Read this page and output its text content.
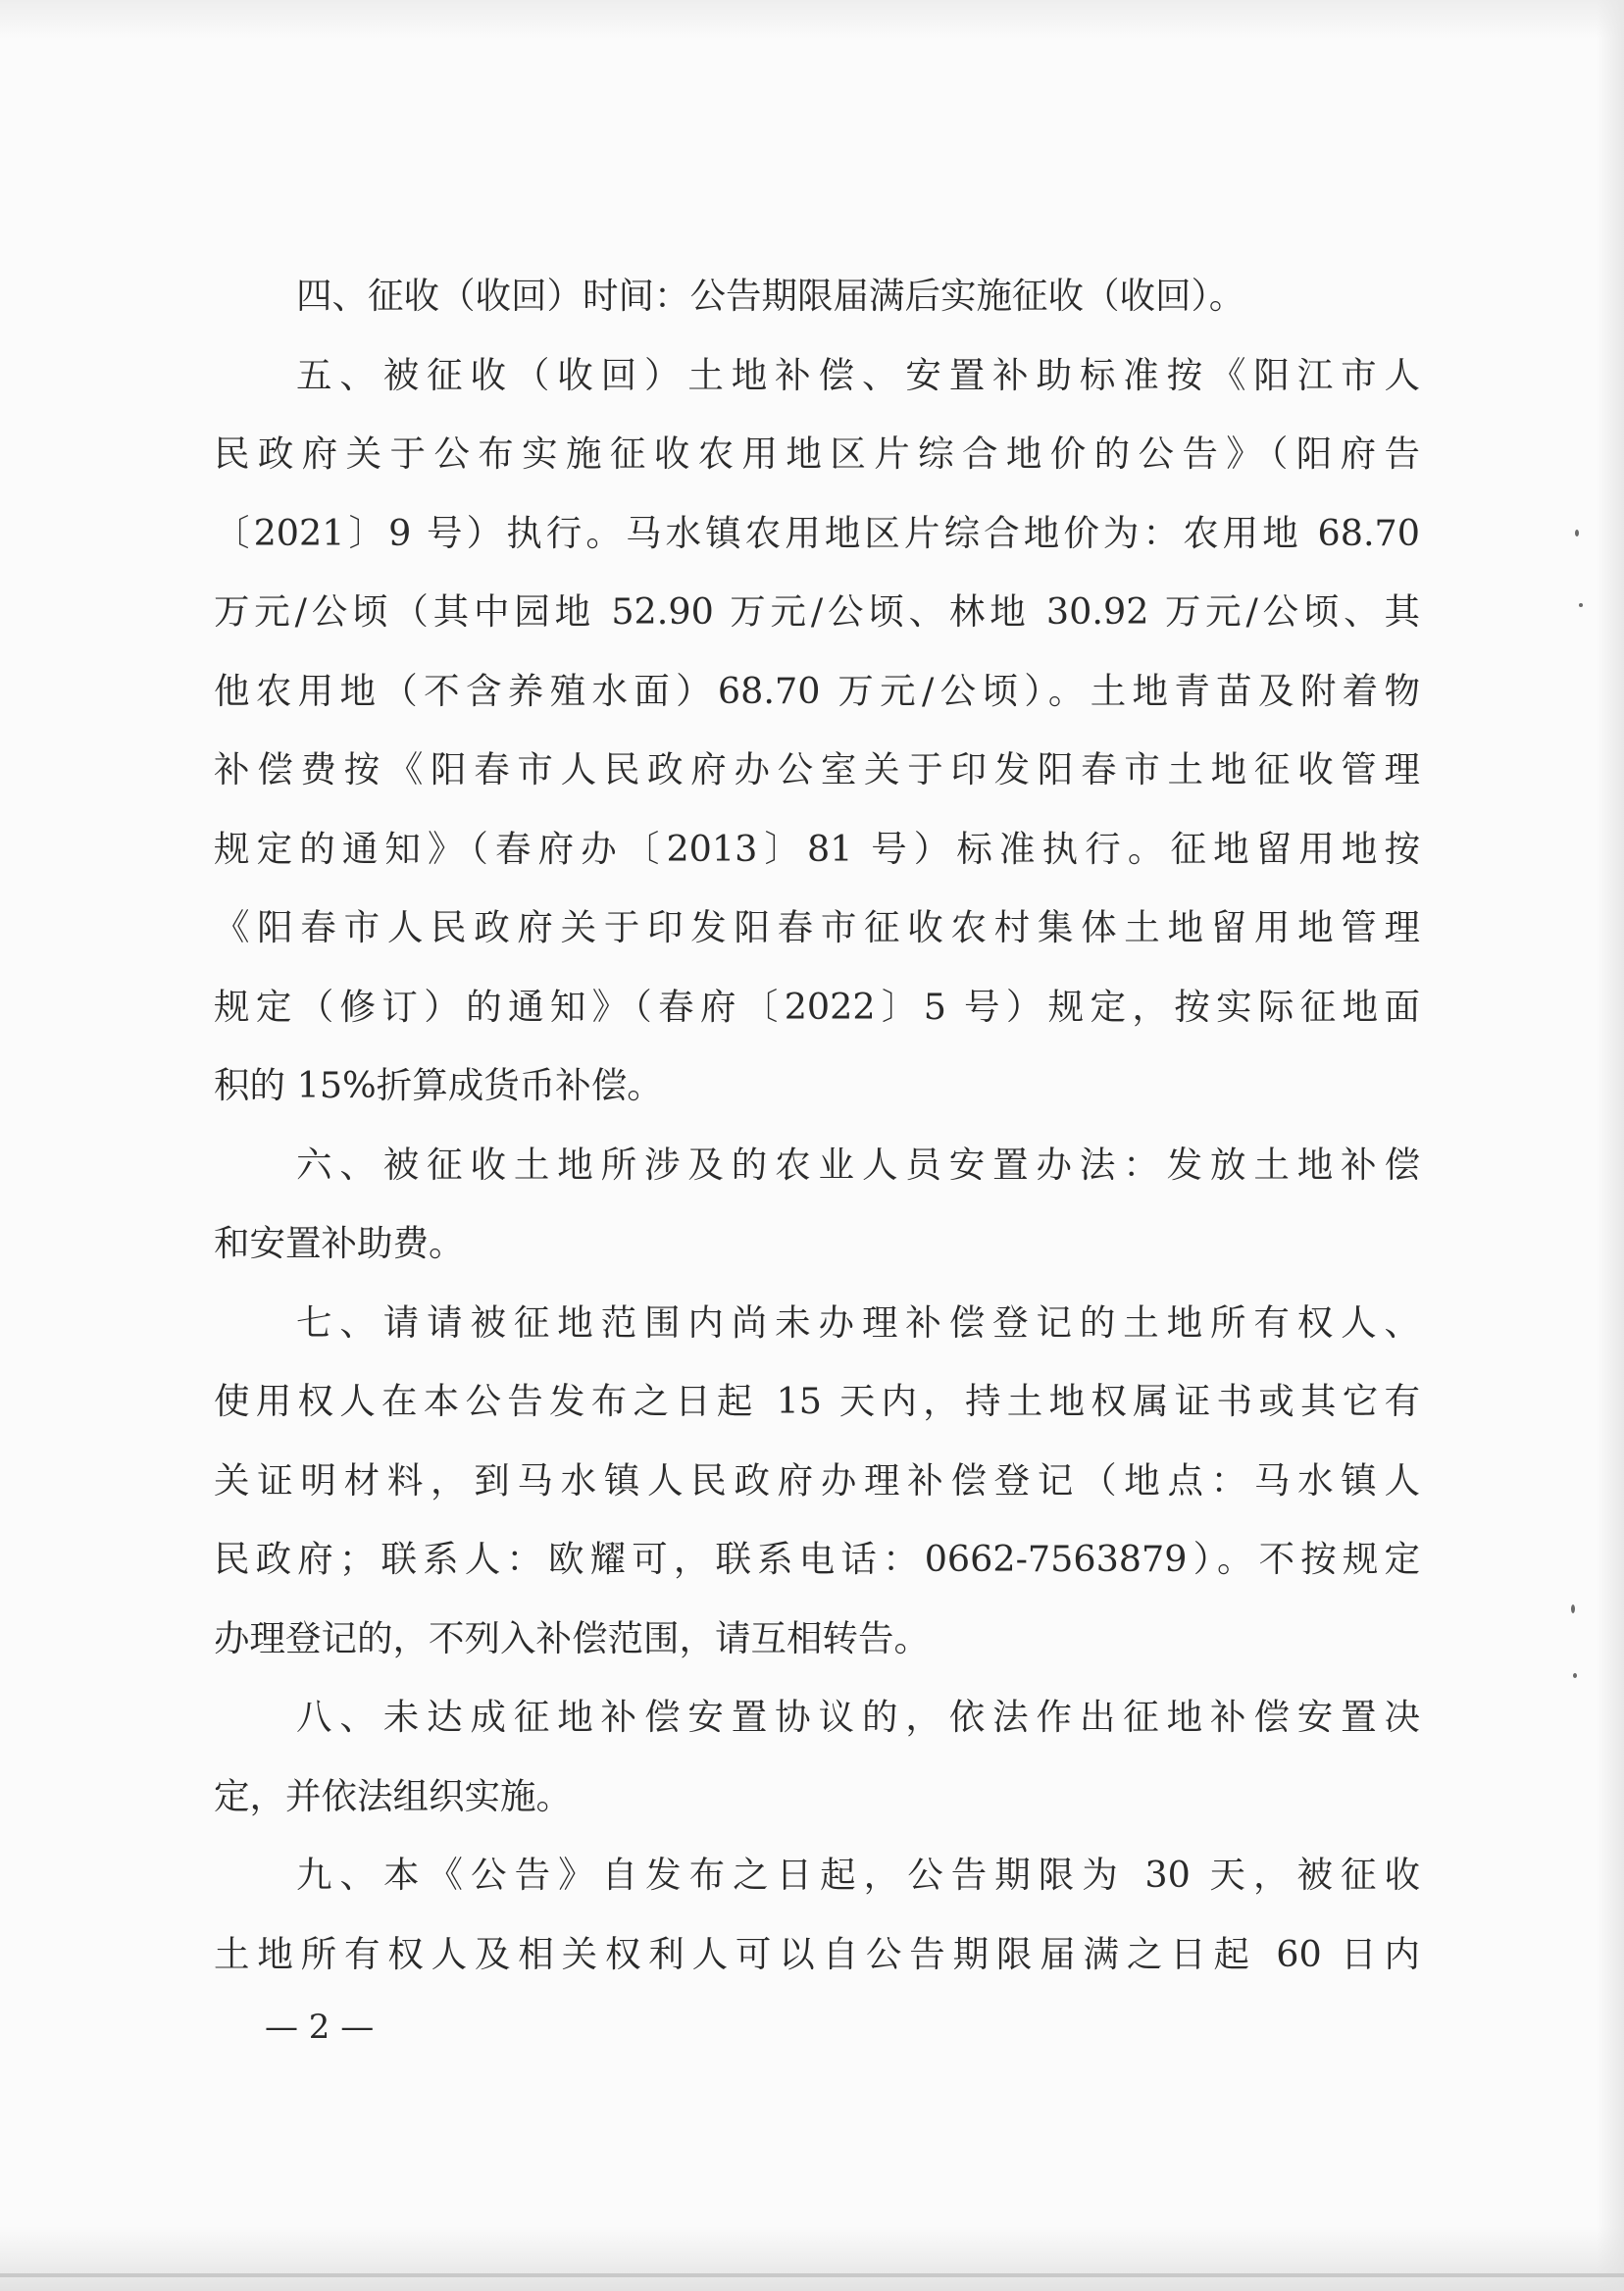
四、征收（收回）时间：公告期限届满后实施征收（收回）。
五、被征收（收回）土地补偿、安置补助标准按《阳江市人
民政府关于公布实施征收农用地区片综合地价的公告》（阳府告
〔2021〕9 号）执行。马水镇农用地区片综合地价为：农用地 68.70
万元/公顷（其中园地 52.90 万元/公顷、林地 30.92 万元/公顷、其
他农用地（不含养殖水面）68.70 万元/公顷）。土地青苗及附着物
补偿费按《阳春市人民政府办公室关于印发阳春市土地征收管理
规定的通知》（春府办〔2013〕81 号）标准执行。征地留用地按
《阳春市人民政府关于印发阳春市征收农村集体土地留用地管理
规定（修订）的通知》（春府〔2022〕5 号）规定，按实际征地面
积的 15%折算成货币补偿。
六、被征收土地所涉及的农业人员安置办法：发放土地补偿
和安置补助费。
七、请请被征地范围内尚未办理补偿登记的土地所有权人、
使用权人在本公告发布之日起 15 天内，持土地权属证书或其它有
关证明材料，到马水镇人民政府办理补偿登记（地点：马水镇人
民政府；联系人：欧耀可，联系电话：0662-7563879）。不按规定
办理登记的，不列入补偿范围，请互相转告。
八、未达成征地补偿安置协议的，依法作出征地补偿安置决
定，并依法组织实施。
九、本《公告》自发布之日起，公告期限为 30 天，被征收
土地所有权人及相关权利人可以自公告期限届满之日起 60 日内
— 2 —
